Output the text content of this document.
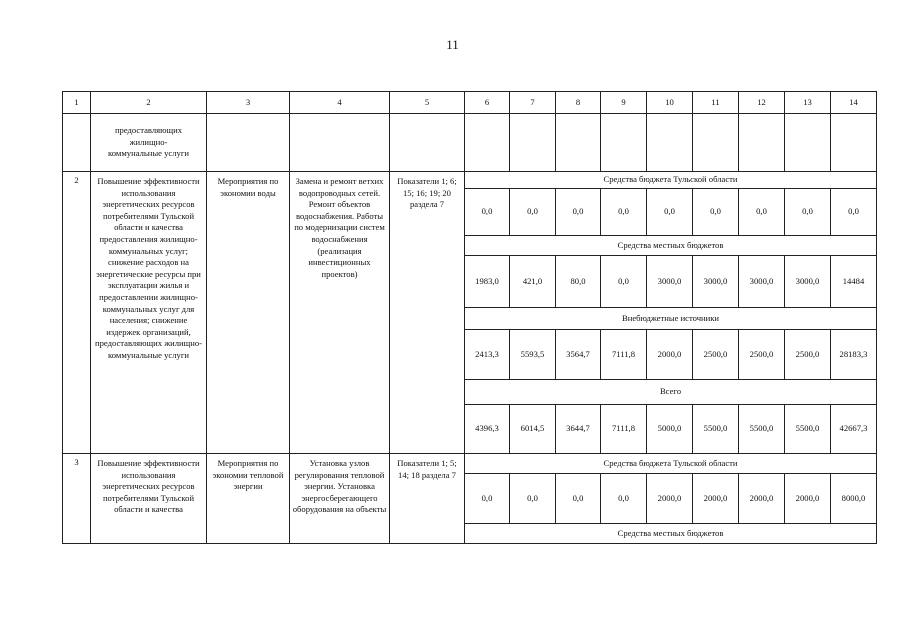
11
1	2	3	4	5	6	7	8	9	10	11	12	13	14
	предоставляющих жилищно-коммунальные услуги												
2	Повышение эффективности использования энергетических ресурсов потребителями Тульской области и качества предоставления жилищно-коммунальных услуг; снижение расходов на энергетические ресурсы при эксплуатации жилья и предоставлении жилищно-коммунальных услуг для населения; снижение издержек организаций, предоставляющих жилищно-коммунальные услуги	Мероприятия по экономии воды	Замена и ремонт ветхих водопроводных сетей. Ремонт объектов водоснабжения. Работы по модернизации систем водоснабжения (реализация инвестиционных проектов)	Показатели 1; 6; 15; 16; 19; 20 раздела 7	Средства бюджета Тульской области								
					0,0	0,0	0,0	0,0	0,0	0,0	0,0	0,0	0,0
					Средства местных бюджетов								
					1983,0	421,0	80,0	0,0	3000,0	3000,0	3000,0	3000,0	14484
					Внебюджетные источники								
					2413,3	5593,5	3564,7	7111,8	2000,0	2500,0	2500,0	2500,0	28183,3
					Всего								
					4396,3	6014,5	3644,7	7111,8	5000,0	5500,0	5500,0	5500,0	42667,3
3	Повышение эффективности использования энергетических ресурсов потребителями Тульской области и качества	Мероприятия по экономии тепловой энергии	Установка узлов регулирования тепловой энергии. Установка энергосберегающего оборудования на объекты	Показатели 1; 5; 14; 18 раздела 7	Средства бюджета Тульской области								
					0,0	0,0	0,0	0,0	2000,0	2000,0	2000,0	2000,0	8000,0
					Средства местных бюджетов								
